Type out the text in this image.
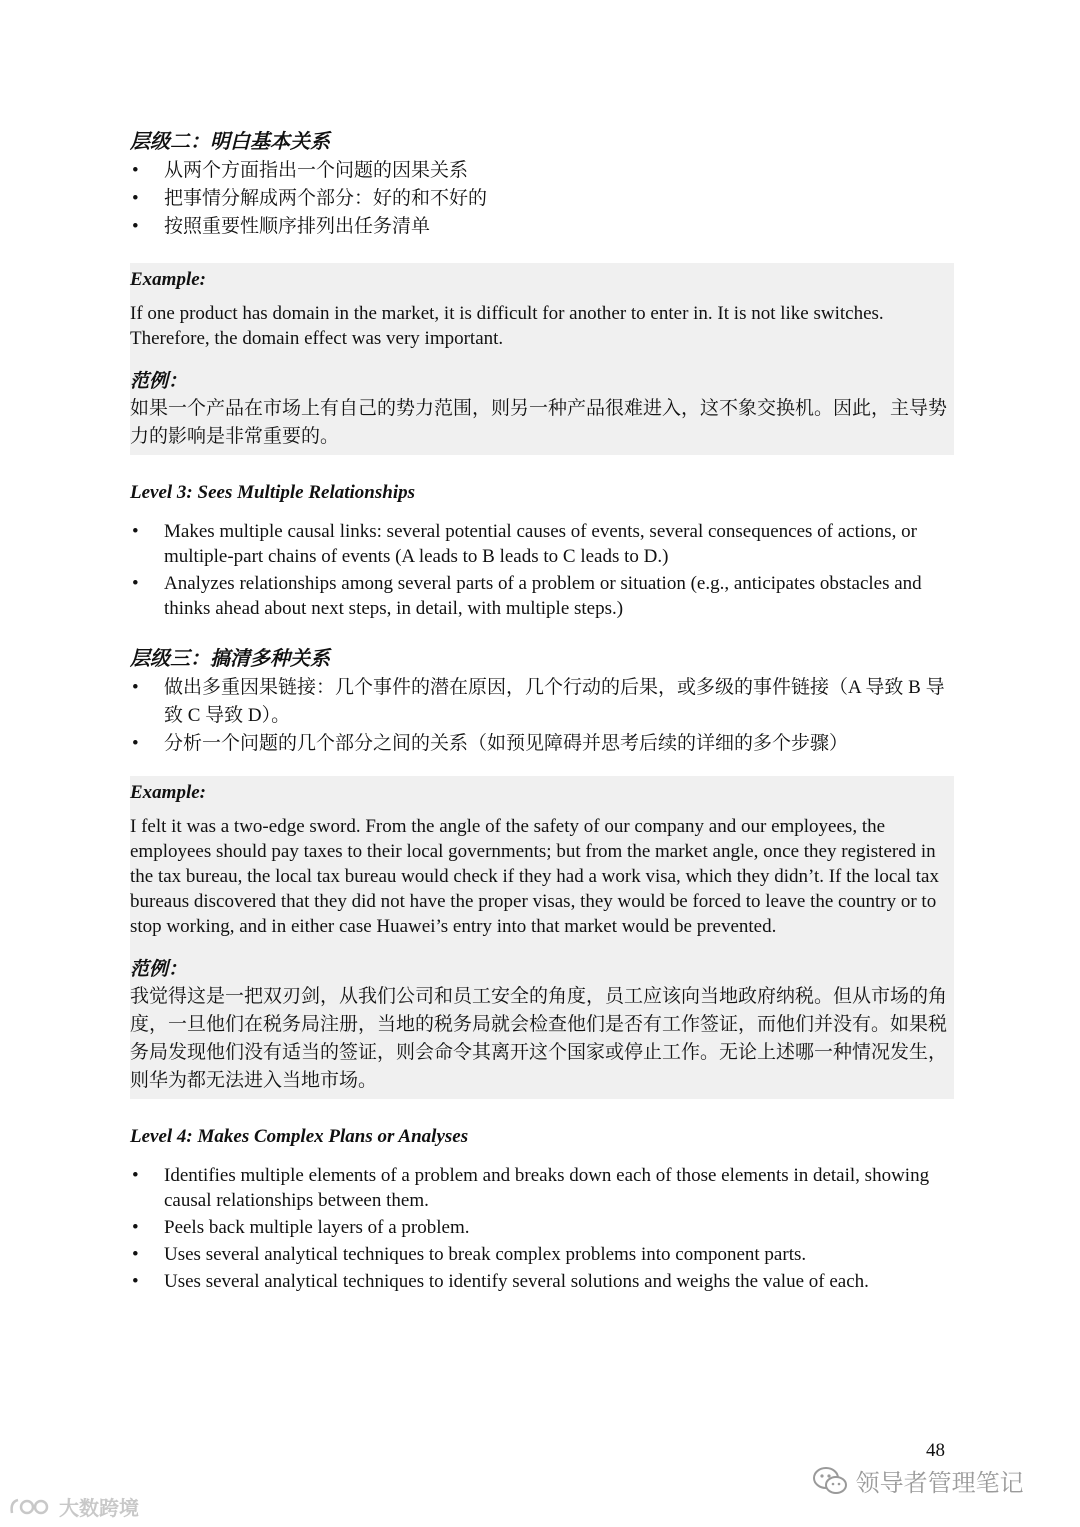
层级二：明白基本关系

• 从两个方面指出一个问题的因果关系
• 把事情分解成两个部分：好的和不好的
• 按照重要性顺序排列出任务清单

Example:

If one product has domain in the market, it is difficult for another to enter in. It is not like switches. Therefore, the domain effect was very important.

范例：

如果一个产品在市场上有自己的势力范围，则另一种产品很难进入，这不象交换机。因此，主导势力的影响是非常重要的。

Level 3: Sees Multiple Relationships

• Makes multiple causal links: several potential causes of events, several consequences of actions, or multiple-part chains of events (A leads to B leads to C leads to D.)
• Analyzes relationships among several parts of a problem or situation (e.g., anticipates obstacles and thinks ahead about next steps, in detail, with multiple steps.)

层级三：搞清多种关系

• 做出多重因果链接：几个事件的潜在原因，几个行动的后果，或多级的事件链接（A 导致 B 导致 C 导致 D）。
• 分析一个问题的几个部分之间的关系（如预见障碍并思考后续的详细的多个步骤）

Example:

I felt it was a two-edge sword. From the angle of the safety of our company and our employees, the employees should pay taxes to their local governments; but from the market angle, once they registered in the tax bureau, the local tax bureau would check if they had a work visa, which they didn’t. If the local tax bureaus discovered that they did not have the proper visas, they would be forced to leave the country or to stop working, and in either case Huawei’s entry into that market would be prevented.

范例：

我觉得这是一把双刃剑，从我们公司和员工安全的角度，员工应该向当地政府纳税。但从市场的角度，一旦他们在税务局注册，当地的税务局就会检查他们是否有工作签证，而他们并没有。如果税务局发现他们没有适当的签证，则会命令其离开这个国家或停止工作。无论上述哪一种情况发生，则华为都无法进入当地市场。

Level 4: Makes Complex Plans or Analyses

• Identifies multiple elements of a problem and breaks down each of those elements in detail, showing causal relationships between them.
• Peels back multiple layers of a problem.
• Uses several analytical techniques to break complex problems into component parts.
• Uses several analytical techniques to identify several solutions and weighs the value of each.
48
领导者管理笔记
大数跨境
